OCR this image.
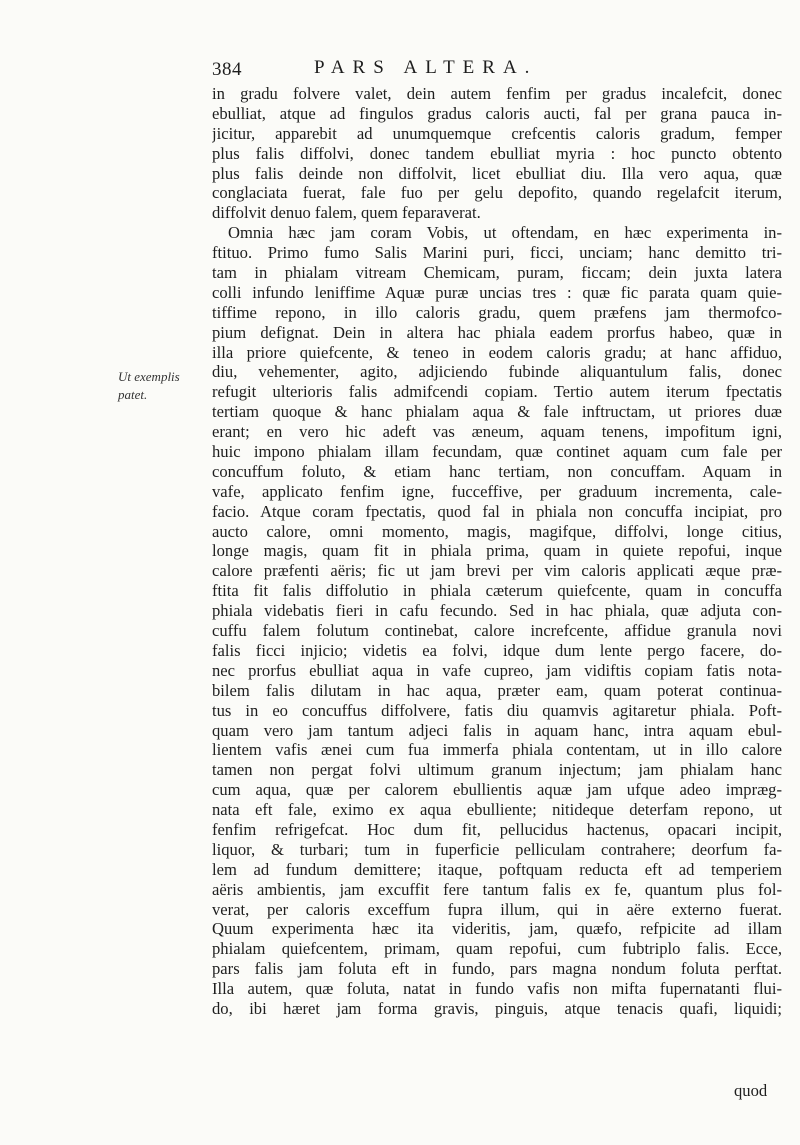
384	PARS ALTERA.
Ut exemplis
patet.
in gradu folvere valet, dein autem fenfim per gradus incalefcit, donec
ebulliat, atque ad fingulos gradus caloris aucti, fal per grana pauca in-
jicitur, apparebit ad unumquemque crefcentis caloris gradum, femper
plus falis diffolvi, donec tandem ebulliat myria : hoc puncto obtento
plus falis deinde non diffolvit, licet ebulliat diu. Illa vero aqua, quæ
conglaciata fuerat, fale fuo per gelu depofito, quando regelafcit iterum,
diffolvit denuo falem, quem feparaverat.
Omnia hæc jam coram Vobis, ut oftendam, en hæc experimenta in-
ftituo. Primo fumo Salis Marini puri, ficci, unciam; hanc demitto tri-
tam in phialam vitream Chemicam, puram, ficcam; dein juxta latera
colli infundo leniffime Aquæ puræ uncias tres : quæ fic parata quam quie-
tiffime repono, in illo caloris gradu, quem præfens jam thermofco-
pium defignat. Dein in altera hac phiala eadem prorfus habeo, quæ in
illa priore quiefcente, & teneo in eodem caloris gradu; at hanc affiduo,
diu, vehementer, agito, adjiciendo fubinde aliquantulum falis, donec
refugit ulterioris falis admifcendi copiam. Tertio autem iterum fpectatis
tertiam quoque & hanc phialam aqua & fale inftructam, ut priores duæ
erant; en vero hic adeft vas æneum, aquam tenens, impofitum igni,
huic impono phialam illam fecundam, quæ continet aquam cum fale per
concuffum foluto, & etiam hanc tertiam, non concuffam. Aquam in
vafe, applicato fenfim igne, fucceffive, per graduum incrementa, cale-
facio. Atque coram fpectatis, quod fal in phiala non concuffa incipiat, pro
aucto calore, omni momento, magis, magifque, diffolvi, longe citius,
longe magis, quam fit in phiala prima, quam in quiete repofui, inque
calore præfenti aëris; fic ut jam brevi per vim caloris applicati æque præ-
ftita fit falis diffolutio in phiala cæterum quiefcente, quam in concuffa
phiala videbatis fieri in cafu fecundo. Sed in hac phiala, quæ adjuta con-
cuffu falem folutum continebat, calore increfcente, affidue granula novi
falis ficci injicio; videtis ea folvi, idque dum lente pergo facere, do-
nec prorfus ebulliat aqua in vafe cupreo, jam vidiftis copiam fatis nota-
bilem falis dilutam in hac aqua, præter eam, quam poterat continua-
tus in eo concuffus diffolvere, fatis diu quamvis agitaretur phiala. Poft-
quam vero jam tantum adjeci falis in aquam hanc, intra aquam ebul-
lientem vafis ænei cum fua immerfa phiala contentam, ut in illo calore
tamen non pergat folvi ultimum granum injectum; jam phialam hanc
cum aqua, quæ per calorem ebullientis aquæ jam ufque adeo impræg-
nata eft fale, eximo ex aqua ebulliente; nitideque deterfam repono, ut
fenfim refrigefcat. Hoc dum fit, pellucidus hactenus, opacari incipit,
liquor, & turbari; tum in fuperficie pelliculam contrahere; deorfum fa-
lem ad fundum demittere; itaque, poftquam reducta eft ad temperiem
aëris ambientis, jam excuffit fere tantum falis ex fe, quantum plus fol-
verat, per caloris exceffum fupra illum, qui in aëre externo fuerat.
Quum experimenta hæc ita videritis, jam, quæfo, refpicite ad illam
phialam quiefcentem, primam, quam repofui, cum fubtriplo falis. Ecce,
pars falis jam foluta eft in fundo, pars magna nondum foluta perftat.
Illa autem, quæ foluta, natat in fundo vafis non mifta fupernatanti flui-
do, ibi hæret jam forma gravis, pinguis, atque tenacis quafi, liquidi;
quod
